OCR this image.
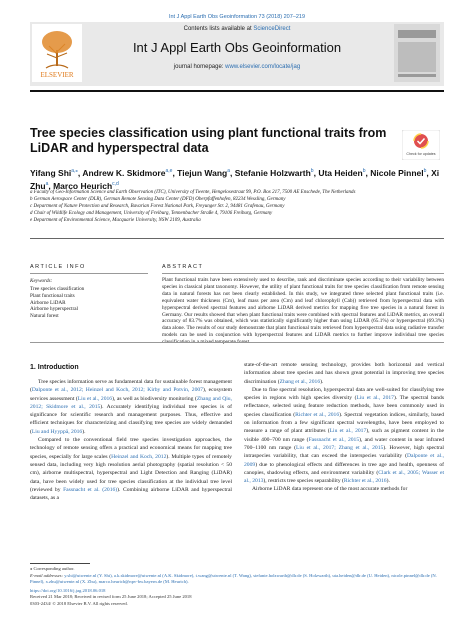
Int J Appl Earth Obs Geoinformation 73 (2018) 207–219
ELSEVIER
Contents lists available at ScienceDirect
Int J Appl Earth Obs Geoinformation
journal homepage: www.elsevier.com/locate/jag
Tree species classification using plant functional traits from LiDAR and hyperspectral data	Check for updates
Yifang Shi$^{a,⁎}$, Andrew K. Skidmore$^{a,e}$, Tiejun Wang$^a$, Stefanie Holzwarth$^b$, Uta Heiden$^b$, Nicole Pinnel$^b$, Xi Zhu$^a$, Marco Heurich$^{c,d}$
a Faculty of Geo-Information Science and Earth Observation (ITC), University of Twente, Hengelosestraat 99, P.O. Box 217, 7500 AE Enschede, The Netherlands
b German Aerospace Center (DLR), German Remote Sensing Data Center (DFD) Oberpfaffenhofen, 82234 Wessling, Germany
c Department of Nature Protection and Research, Bavarian Forest National Park, Freyunger Str. 2, 94481 Grafenau, Germany
d Chair of Wildlife Ecology and Management, University of Freiburg, Tennenbacher Straße 4, 79106 Freiburg, Germany
e Department of Environmental Science, Macquarie University, NSW 2109, Australia
ARTICLE INFO	ABSTRACT
Keywords:
Tree species classification
Plant functional traits
Airborne LiDAR
Airborne hyperspectral
Natural forest
Plant functional traits have been extensively used to describe, rank and discriminate species according to their variability between species in classical plant taxonomy. However, the utility of plant functional traits for tree species classification from remote sensing data in natural forests has not been clearly established. In this study, we integrated three selected plant functional traits (i.e. equivalent water thickness (Cm), leaf mass per area (Cm) and leaf chlorophyll (Cab)) retrieved from hyperspectral data with hyperspectral derived spectral features and airborne LiDAR derived metrics for mapping five tree species in a natural forest in Germany. Our results showed that when plant functional traits were combined with spectral features and LiDAR metrics, an overall accuracy of 83.7% was obtained, which was statistically significantly higher than using LiDAR (65.1%) or hyperspectral (69.3%) data alone. The results of our study demonstrate that plant functional traits retrieved from hyperspectral data using radiative transfer models can be used in conjunction with hyperspectral features and LiDAR metrics to further improve individual tree species
1. Introduction

Tree species information serve as fundamental data for sustainable forest management (Dalponte et al., 2012; Heinzel and Koch, 2012; Kirby and Potvin, 2007), ecosystem services assessment (Liu et al., 2016), as well as biodiversity monitoring (Zhang and Qiu, 2012; Skidmore et al., 2015). Accurately identifying individual tree species is of significance for scientific research and management purposes. Thus, effective and efficient techniques for characterizing and classifying tree species are widely demanded (Liu and Hyyppä, 2016).

Compared to the conventional field tree species investigation approaches, the technology of remote sensing offers a practical and economical means for mapping tree species, especially for large scales (Heinzel and Koch, 2012). Multiple types of remotely sensed data, including very high resolution aerial photography (spatial resolution < 50 cm), airborne multispectral, hyperspectral and Light Detection and Ranging (LiDAR) data, have been widely used for tree species classification at the individual tree level (reviewed by Fassnacht et al. (2016)). Combining airborne LiDAR and hyperspectral datasets, as a

state-of-the-art remote sensing technology, provides both horizontal and vertical information about tree species and has shown great potential in improving tree species discrimination (Zhang et al., 2016).

Due to fine spectral resolution, hyperspectral data are well-suited for classifying tree species in regions with high species diversity (Liu et al., 2017). The spectral bands reflectance, selected using feature reduction methods, have been commonly used in species classification (Richter et al., 2016). Spectral vegetation indices, similarly, based on information from a few significant spectral wavelengths, have been employed to measure a range of plant attributes (Liu et al., 2017), such as pigment content in the visible 400–700 nm range (Fassnacht et al., 2015), and water content in near infrared 700–1100 nm range (Liu et al., 2017; Zhang et al., 2015). However, high spectral intraspecies variability, that can exceed the interspecies variability (Dalponte et al., 2009) due to phenological effects and differences in tree age and health, openness of canopies, shadowing effects, and environment variability (Clark et al., 2005; Wasser et al., 2013), restricts tree species separability (Richter et al., 2016).

Airborne LiDAR data represent one of the most accurate methods for

⁎ Corresponding author.
E-mail addresses: y.shi@utwente.nl (Y. Shi), a.k.skidmore@utwente.nl (A.K. Skidmore), t.wang@utwente.nl (T. Wang), stefanie.holzwarth@dlr.de (S. Holzwarth), uta.heiden@dlr.de (U. Heiden), nicole.pinnel@dlr.de (N. Pinnel), x.zhu@utwente.nl (X. Zhu), marco.heurich@npv-bw.bayern.de (M. Heurich).
https://doi.org/10.1016/j.jag.2018.06.018
Received 21 Mar 2018; Received in revised form 25 June 2018; Accepted 25 June 2018
0303-2434/ © 2018 Elsevier B.V. All rights reserved.
